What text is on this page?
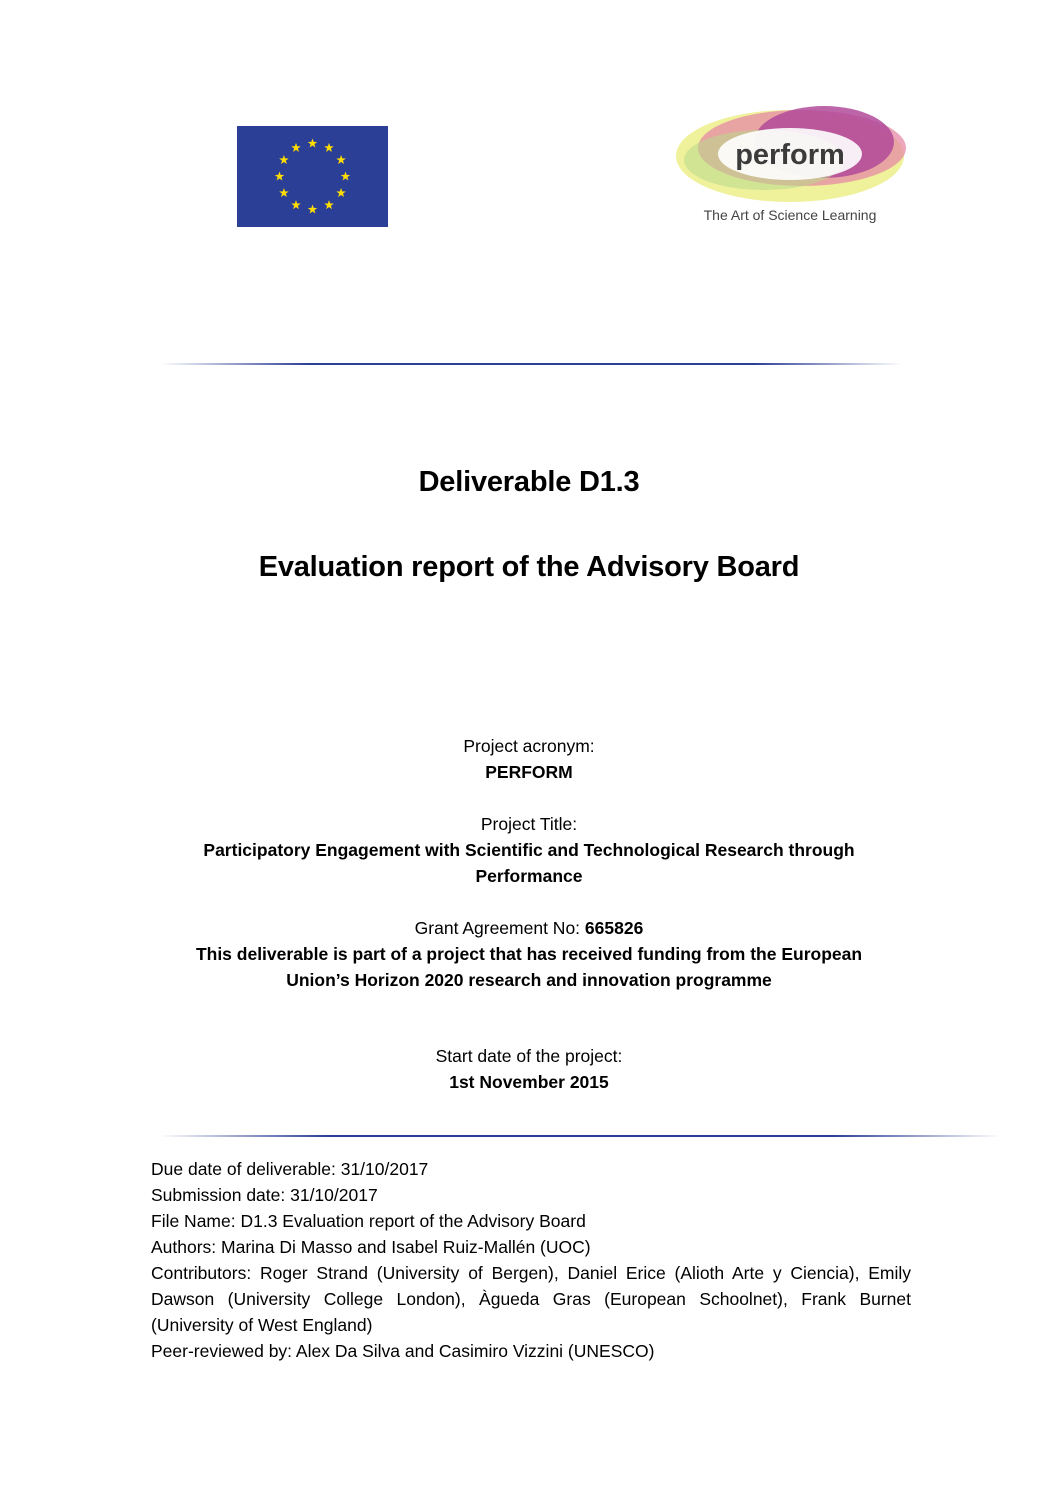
perform
The Art of Science Learning
Deliverable D1.3
Evaluation report of the Advisory Board
Project acronym:
PERFORM
Project Title:
Participatory Engagement with Scientific and Technological Research through
Performance
Grant Agreement No: 665826
This deliverable is part of a project that has received funding from the European
Union’s Horizon 2020 research and innovation programme
Start date of the project:
1st November 2015
Due date of deliverable: 31/10/2017
Submission date: 31/10/2017
File Name: D1.3 Evaluation report of the Advisory Board
Authors: Marina Di Masso and Isabel Ruiz-Mallén (UOC)
Contributors: Roger Strand (University of Bergen), Daniel Erice (Alioth Arte y Ciencia), Emily Dawson (University College London), Àgueda Gras (European Schoolnet), Frank Burnet (University of West England)
Peer-reviewed by: Alex Da Silva and Casimiro Vizzini (UNESCO)
